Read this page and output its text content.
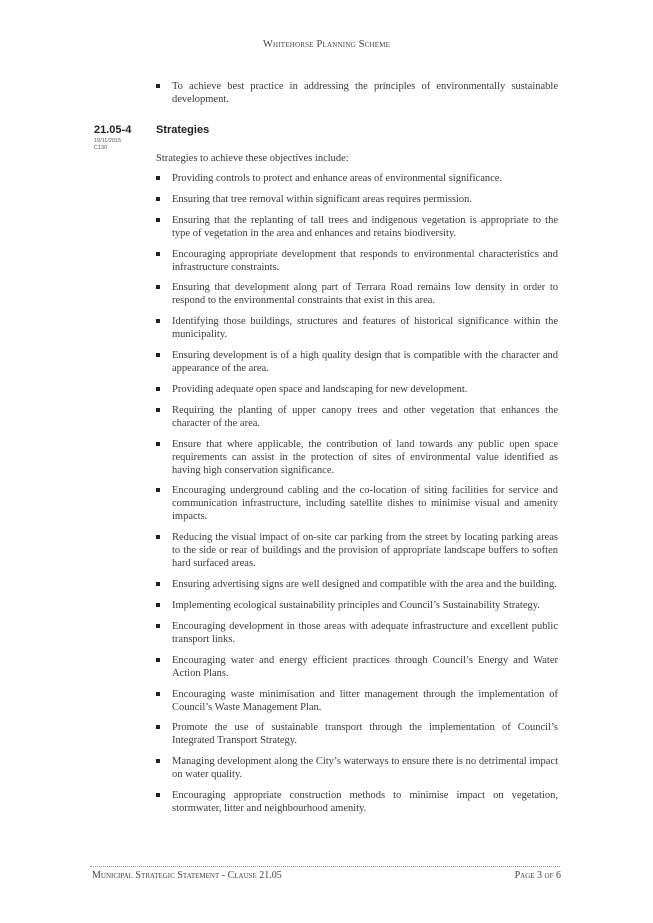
Whitehorse Planning Scheme
To achieve best practice in addressing the principles of environmentally sustainable development.
21.05-4 Strategies
19/11/2015
C130
Strategies to achieve these objectives include:
Providing controls to protect and enhance areas of environmental significance.
Ensuring that tree removal within significant areas requires permission.
Ensuring that the replanting of tall trees and indigenous vegetation is appropriate to the type of vegetation in the area and enhances and retains biodiversity.
Encouraging appropriate development that responds to environmental characteristics and infrastructure constraints.
Ensuring that development along part of Terrara Road remains low density in order to respond to the environmental constraints that exist in this area.
Identifying those buildings, structures and features of historical significance within the municipality.
Ensuring development is of a high quality design that is compatible with the character and appearance of the area.
Providing adequate open space and landscaping for new development.
Requiring the planting of upper canopy trees and other vegetation that enhances the character of the area.
Ensure that where applicable, the contribution of land towards any public open space requirements can assist in the protection of sites of environmental value identified as having high conservation significance.
Encouraging underground cabling and the co-location of siting facilities for service and communication infrastructure, including satellite dishes to minimise visual and amenity impacts.
Reducing the visual impact of on-site car parking from the street by locating parking areas to the side or rear of buildings and the provision of appropriate landscape buffers to soften hard surfaced areas.
Ensuring advertising signs are well designed and compatible with the area and the building.
Implementing ecological sustainability principles and Council’s Sustainability Strategy.
Encouraging development in those areas with adequate infrastructure and excellent public transport links.
Encouraging water and energy efficient practices through Council’s Energy and Water Action Plans.
Encouraging waste minimisation and litter management through the implementation of Council’s Waste Management Plan.
Promote the use of sustainable transport through the implementation of Council’s Integrated Transport Strategy.
Managing development along the City’s waterways to ensure there is no detrimental impact on water quality.
Encouraging appropriate construction methods to minimise impact on vegetation, stormwater, litter and neighbourhood amenity.
Municipal Strategic Statement - Clause 21.05	Page 3 of 6
